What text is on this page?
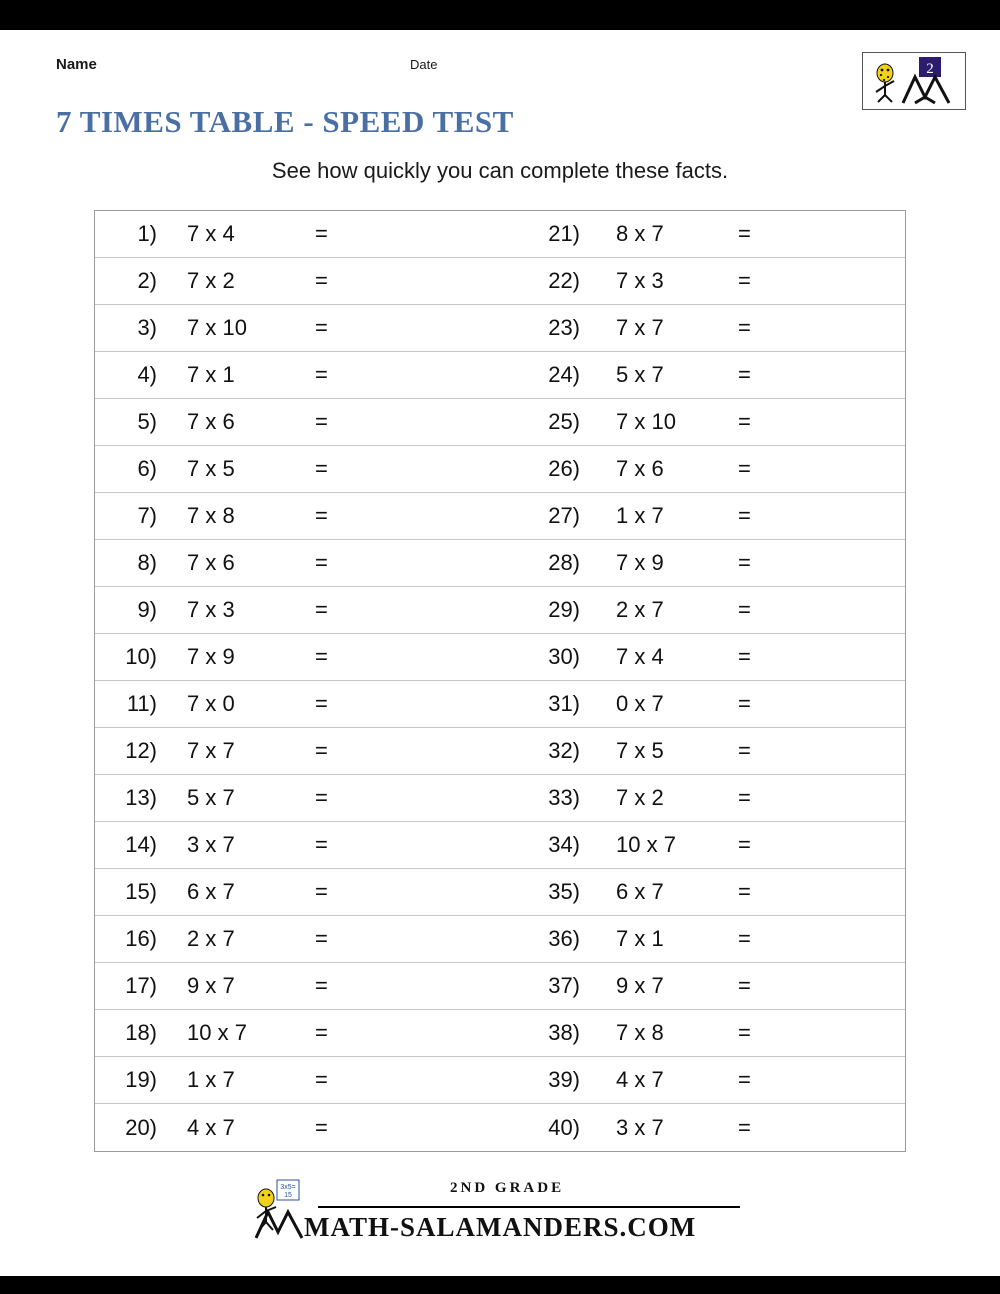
Name	Date	2
7 TIMES TABLE - SPEED TEST
See how quickly you can complete these facts.
1)	7 x 4	=	21)	8 x 7	=
2)	7 x 2	=	22)	7 x 3	=
3)	7 x 10	=	23)	7 x 7	=
4)	7 x 1	=	24)	5 x 7	=
5)	7 x 6	=	25)	7 x 10	=
6)	7 x 5	=	26)	7 x 6	=
7)	7 x 8	=	27)	1 x 7	=
8)	7 x 6	=	28)	7 x 9	=
9)	7 x 3	=	29)	2 x 7	=
10)	7 x 9	=	30)	7 x 4	=
11)	7 x 0	=	31)	0 x 7	=
12)	7 x 7	=	32)	7 x 5	=
13)	5 x 7	=	33)	7 x 2	=
14)	3 x 7	=	34)	10 x 7	=
15)	6 x 7	=	35)	6 x 7	=
16)	2 x 7	=	36)	7 x 1	=
17)	9 x 7	=	37)	9 x 7	=
18)	10 x 7	=	38)	7 x 8	=
19)	1 x 7	=	39)	4 x 7	=
20)	4 x 7	=	40)	3 x 7	=
3x5=
15	2ND GRADE
MATH-SALAMANDERS.COM
